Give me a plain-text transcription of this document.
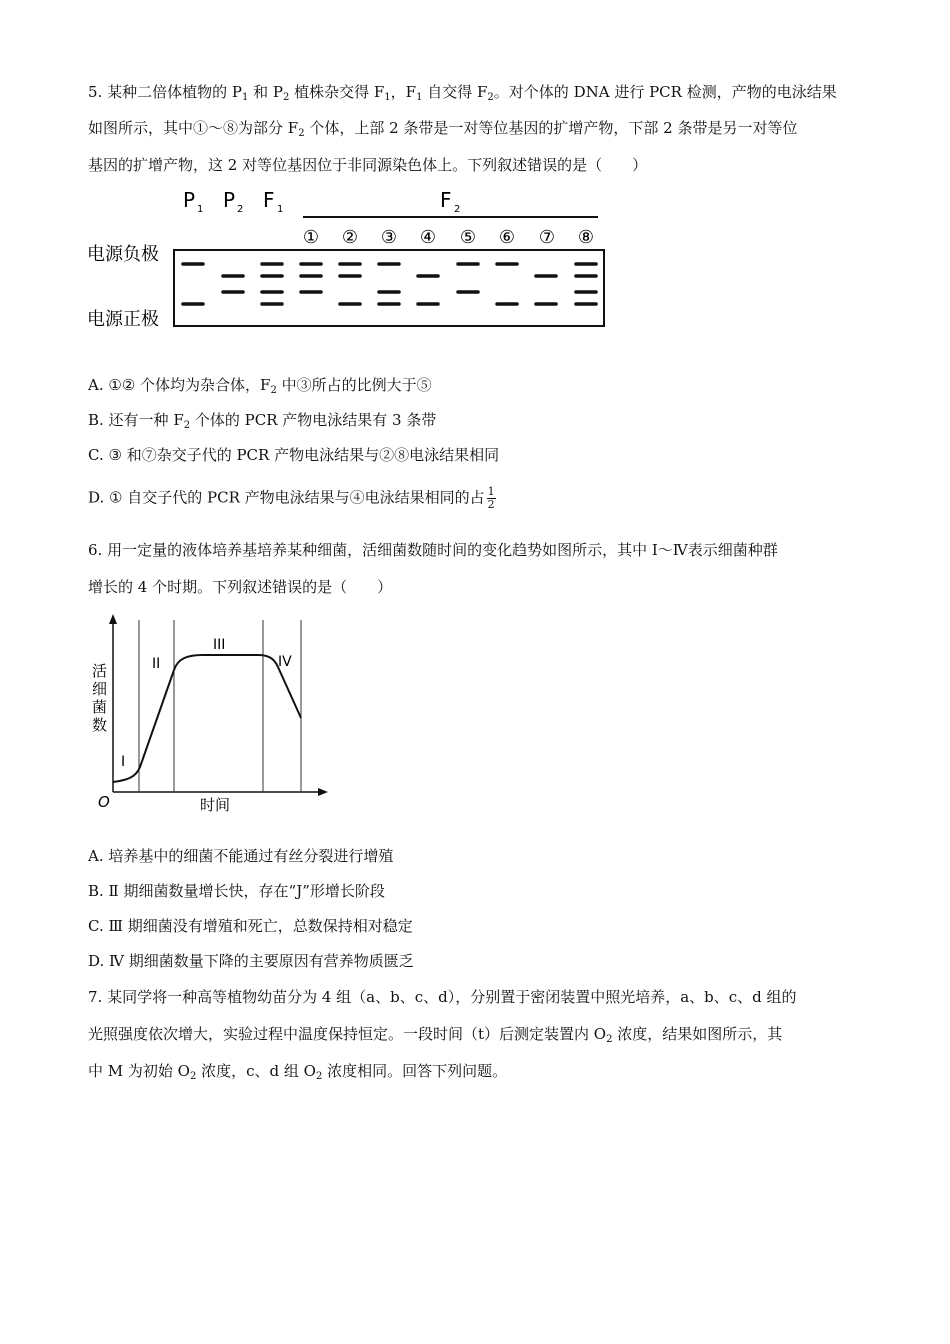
5. 某种二倍体植物的 $P_1$ 和 $P_2$ 植株杂交得 $F_1$，$F_1$ 自交得 $F_2$。对个体的 DNA 进行 PCR 检测，产物的电泳结果
如图所示，其中①～⑧为部分 $F_2$ 个体，上部 2 条带是一对等位基因的扩增产物，下部 2 条带是另一对等位
基因的扩增产物，这 2 对等位基因位于非同源染色体上。下列叙述错误的是（　　）
P 1 P 2 F 1	F 2
① ② ③ ④ ⑤ ⑥ ⑦ ⑧
电源负极
电源正极
A. ①② 个体均为杂合体，$F_2$ 中③所占的比例大于⑤
B. 还有一种 $F_2$ 个体的 PCR 产物电泳结果有 3 条带
C. ③ 和⑦杂交子代的 PCR 产物电泳结果与②⑧电泳结果相同
D. ① 自交子代的 PCR 产物电泳结果与④电泳结果相同的占 $\frac{1}{2}$
6. 用一定量的液体培养基培养某种细菌，活细菌数随时间的变化趋势如图所示，其中 Ⅰ～Ⅳ表示细菌种群
增长的 4 个时期。下列叙述错误的是（　　）
活
细
菌
数
O	时间
I
II
III
IV
A. 培养基中的细菌不能通过有丝分裂进行增殖
B. Ⅱ 期细菌数量增长快，存在“J”形增长阶段
C. Ⅲ 期细菌没有增殖和死亡，总数保持相对稳定
D. Ⅳ 期细菌数量下降的主要原因有营养物质匮乏
7. 某同学将一种高等植物幼苗分为 4 组（a、b、c、d），分别置于密闭装置中照光培养，a、b、c、d 组的
光照强度依次增大，实验过程中温度保持恒定。一段时间（t）后测定装置内 $O_2$ 浓度，结果如图所示，其
中 M 为初始 $O_2$ 浓度，c、d 组 $O_2$ 浓度相同。回答下列问题。
